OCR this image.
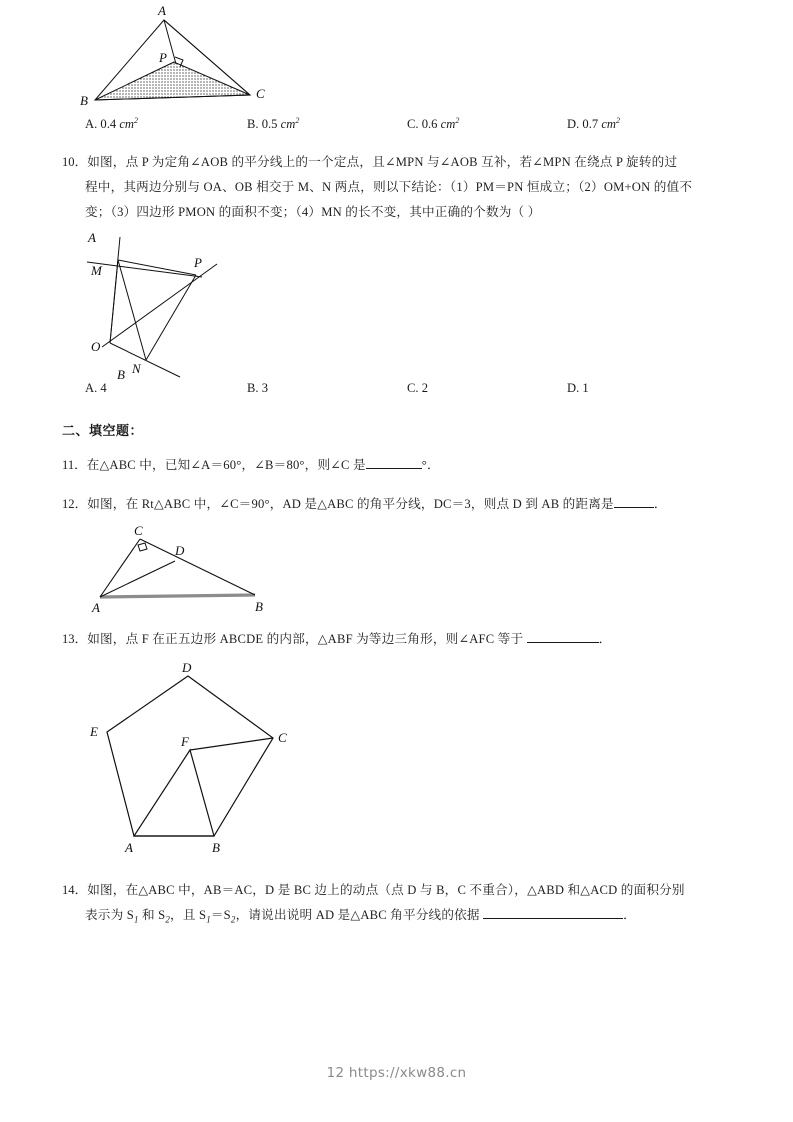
A
B	C
P
A. 0.4 $cm^2$	B. 0.5 $cm^2$	C. 0.6 $cm^2$	D. 0.7 $cm^2$
10．如图，点 P 为定角∠AOB 的平分线上的一个定点，且∠MPN 与∠AOB 互补，若∠MPN 在绕点 P 旋转的过
程中，其两边分别与 OA、OB 相交于 M、N 两点，则以下结论：（1）PM＝PN 恒成立；（2）OM+ON 的值不
变；（3）四边形 PMON 的面积不变；（4）MN 的长不变，其中正确的个数为（ ）
A
B
O
M
N
P
A. 4	B. 3	C. 2	D. 1
二、填空题：
11．在△ABC 中，已知∠A＝60°，∠B＝80°，则∠C 是	°．
12．如图，在 Rt△ABC 中，∠C＝90°，AD 是△ABC 的角平分线，DC＝3，则点 D 到 AB 的距离是	．
C
D
A	B
13．如图，点 F 在正五边形 ABCDE 的内部，△ABF 为等边三角形，则∠AFC 等于	．
D
E	C
F
A	B
14．如图，在△ABC 中，AB＝AC，D 是 BC 边上的动点（点 D 与 B，C 不重合），△ABD 和△ACD 的面积分别
表示为 $S_1$ 和 $S_2$，且 $S_1=S_2$，请说出说明 AD 是△ABC 角平分线的依据	．
12 https://xkw88.cn
